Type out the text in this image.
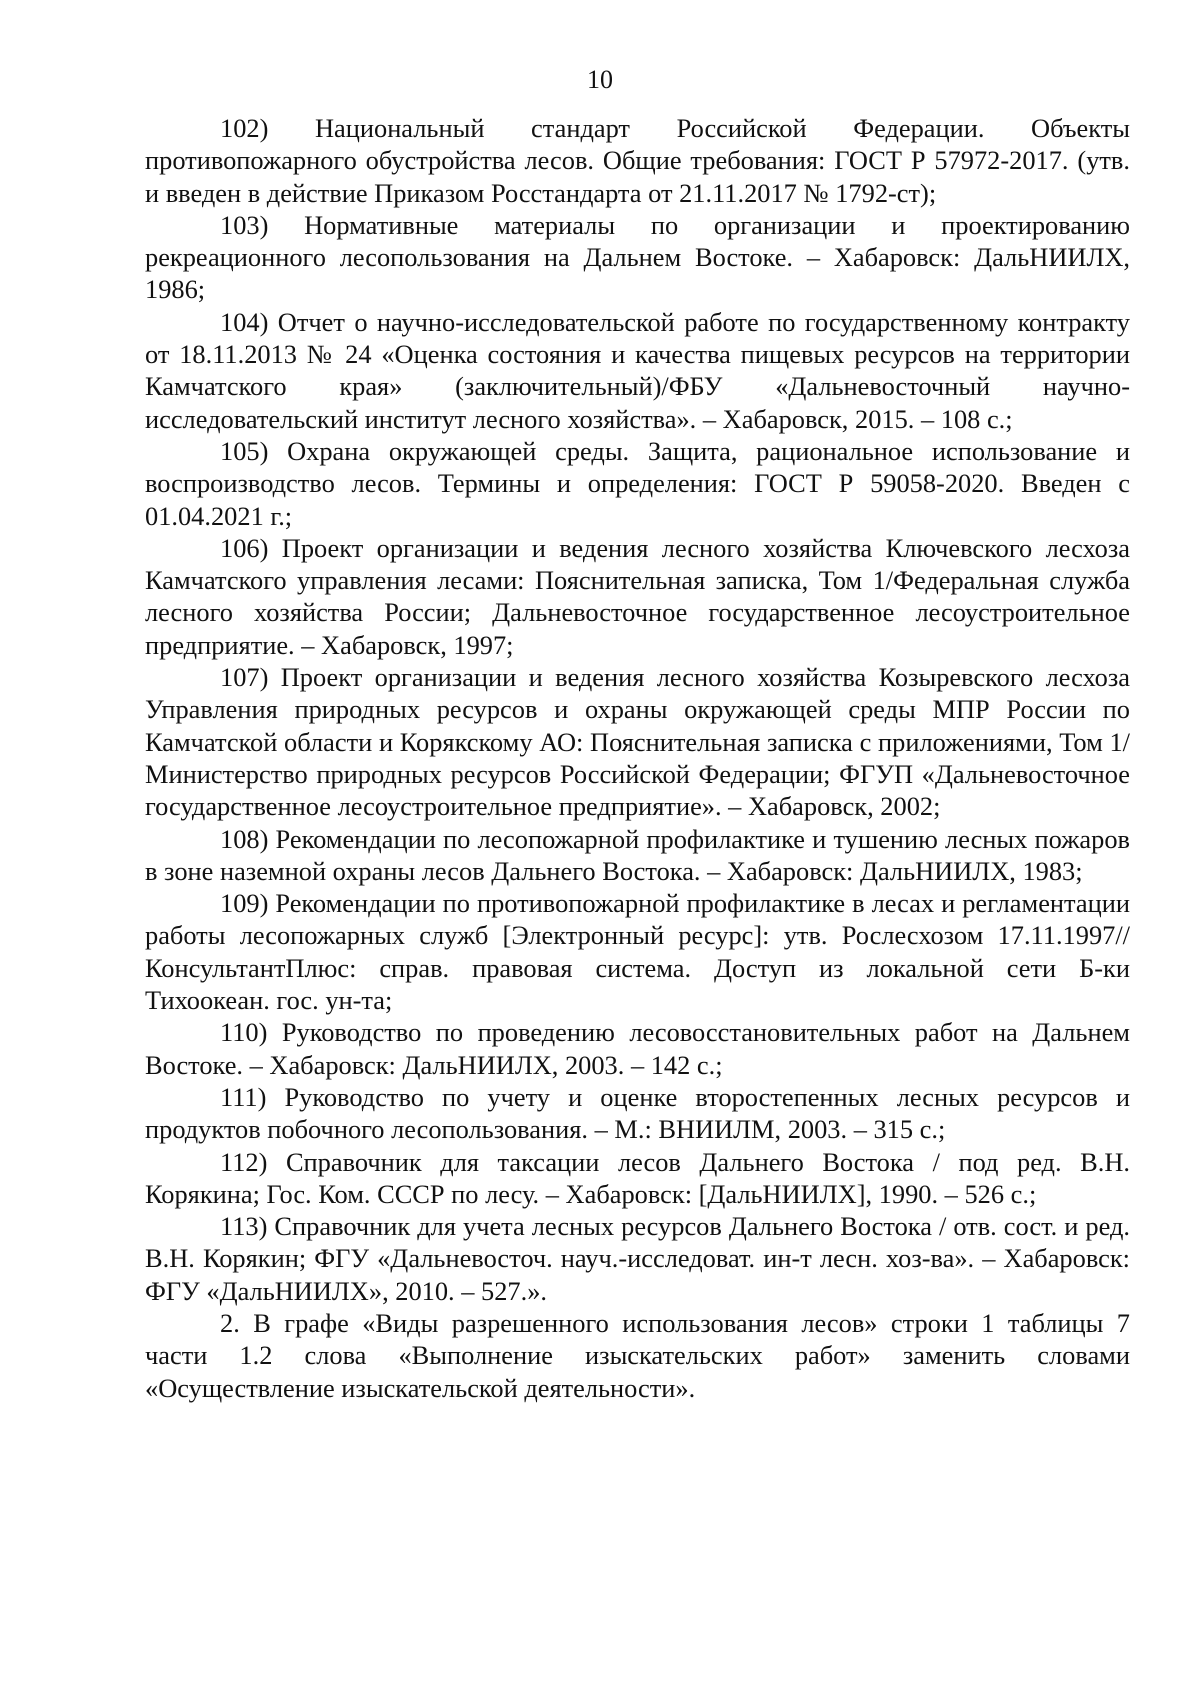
10

102) Национальный стандарт Российской Федерации. Объекты противопожарного обустройства лесов. Общие требования: ГОСТ Р 57972-2017. (утв. и введен в действие Приказом Росстандарта от 21.11.2017 № 1792-ст);

103) Нормативные материалы по организации и проектированию рекреационного лесопользования на Дальнем Востоке. – Хабаровск: ДальНИИЛХ, 1986;

104) Отчет о научно-исследовательской работе по государственному контракту от 18.11.2013 № 24 «Оценка состояния и качества пищевых ресурсов на территории Камчатского края» (заключительный)/ФБУ «Дальневосточный научно-исследовательский институт лесного хозяйства». – Хабаровск, 2015. – 108 с.;

105) Охрана окружающей среды. Защита, рациональное использование и воспроизводство лесов. Термины и определения: ГОСТ Р 59058-2020. Введен с 01.04.2021 г.;

106) Проект организации и ведения лесного хозяйства Ключевского лесхоза Камчатского управления лесами: Пояснительная записка, Том 1/Федеральная служба лесного хозяйства России; Дальневосточное государственное лесоустроительное предприятие. – Хабаровск, 1997;

107) Проект организации и ведения лесного хозяйства Козыревского лесхоза Управления природных ресурсов и охраны окружающей среды МПР России по Камчатской области и Корякскому АО: Пояснительная записка с приложениями, Том 1/Министерство природных ресурсов Российской Федерации; ФГУП «Дальневосточное государственное лесоустроительное предприятие». – Хабаровск, 2002;

108) Рекомендации по лесопожарной профилактике и тушению лесных пожаров в зоне наземной охраны лесов Дальнего Востока. – Хабаровск: ДальНИИЛХ, 1983;

109) Рекомендации по противопожарной профилактике в лесах и регламентации работы лесопожарных служб [Электронный ресурс]: утв. Рослесхозом 17.11.1997// КонсультантПлюс: справ. правовая система. Доступ из локальной сети Б-ки Тихоокеан. гос. ун-та;

110) Руководство по проведению лесовосстановительных работ на Дальнем Востоке. – Хабаровск: ДальНИИЛХ, 2003. – 142 с.;

111) Руководство по учету и оценке второстепенных лесных ресурсов и продуктов побочного лесопользования. – М.: ВНИИЛМ, 2003. – 315 с.;

112) Справочник для таксации лесов Дальнего Востока / под ред. В.Н. Корякина; Гос. Ком. СССР по лесу. – Хабаровск: [ДальНИИЛХ], 1990. – 526 с.;

113) Справочник для учета лесных ресурсов Дальнего Востока / отв. сост. и ред. В.Н. Корякин; ФГУ «Дальневосточ. науч.-исследоват. ин-т лесн. хоз-ва». – Хабаровск: ФГУ «ДальНИИЛХ», 2010. – 527.».

2. В графе «Виды разрешенного использования лесов» строки 1 таблицы 7 части 1.2 слова «Выполнение изыскательских работ» заменить словами «Осуществление изыскательской деятельности».
